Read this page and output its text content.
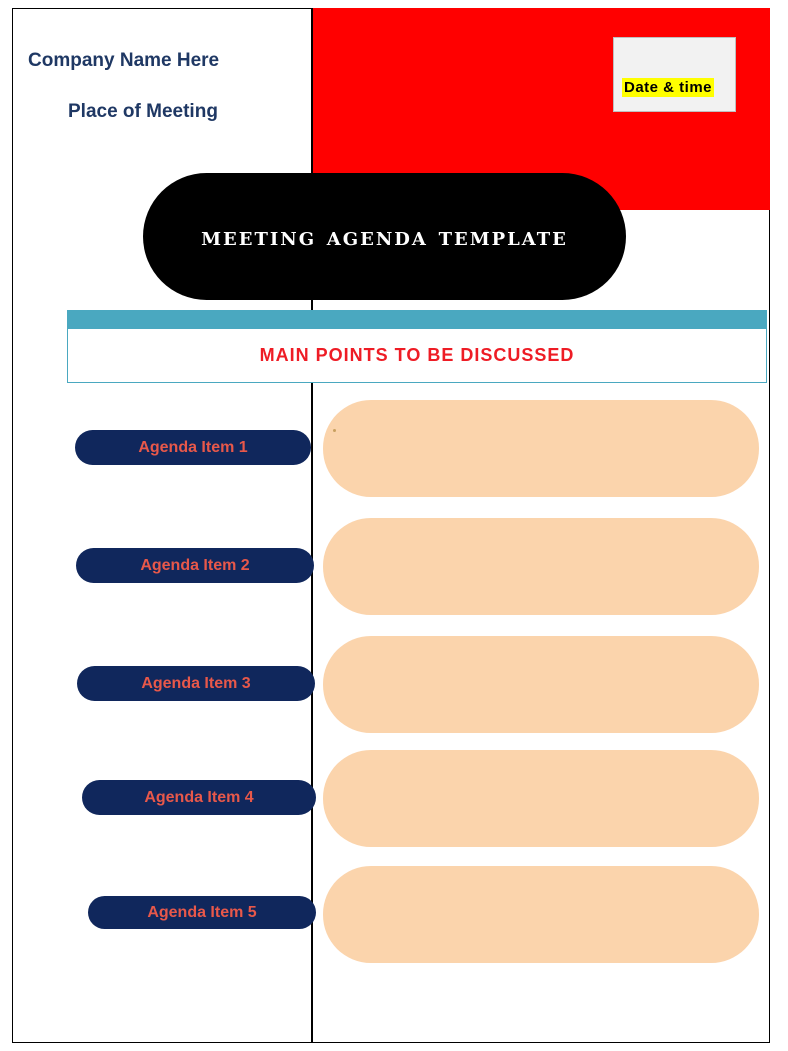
Date & time
Company Name Here
Place of Meeting
meeting agenda template
MAIN POINTS TO BE DISCUSSED
Agenda Item 1
Agenda Item 2
Agenda Item 3
Agenda Item 4
Agenda Item 5
